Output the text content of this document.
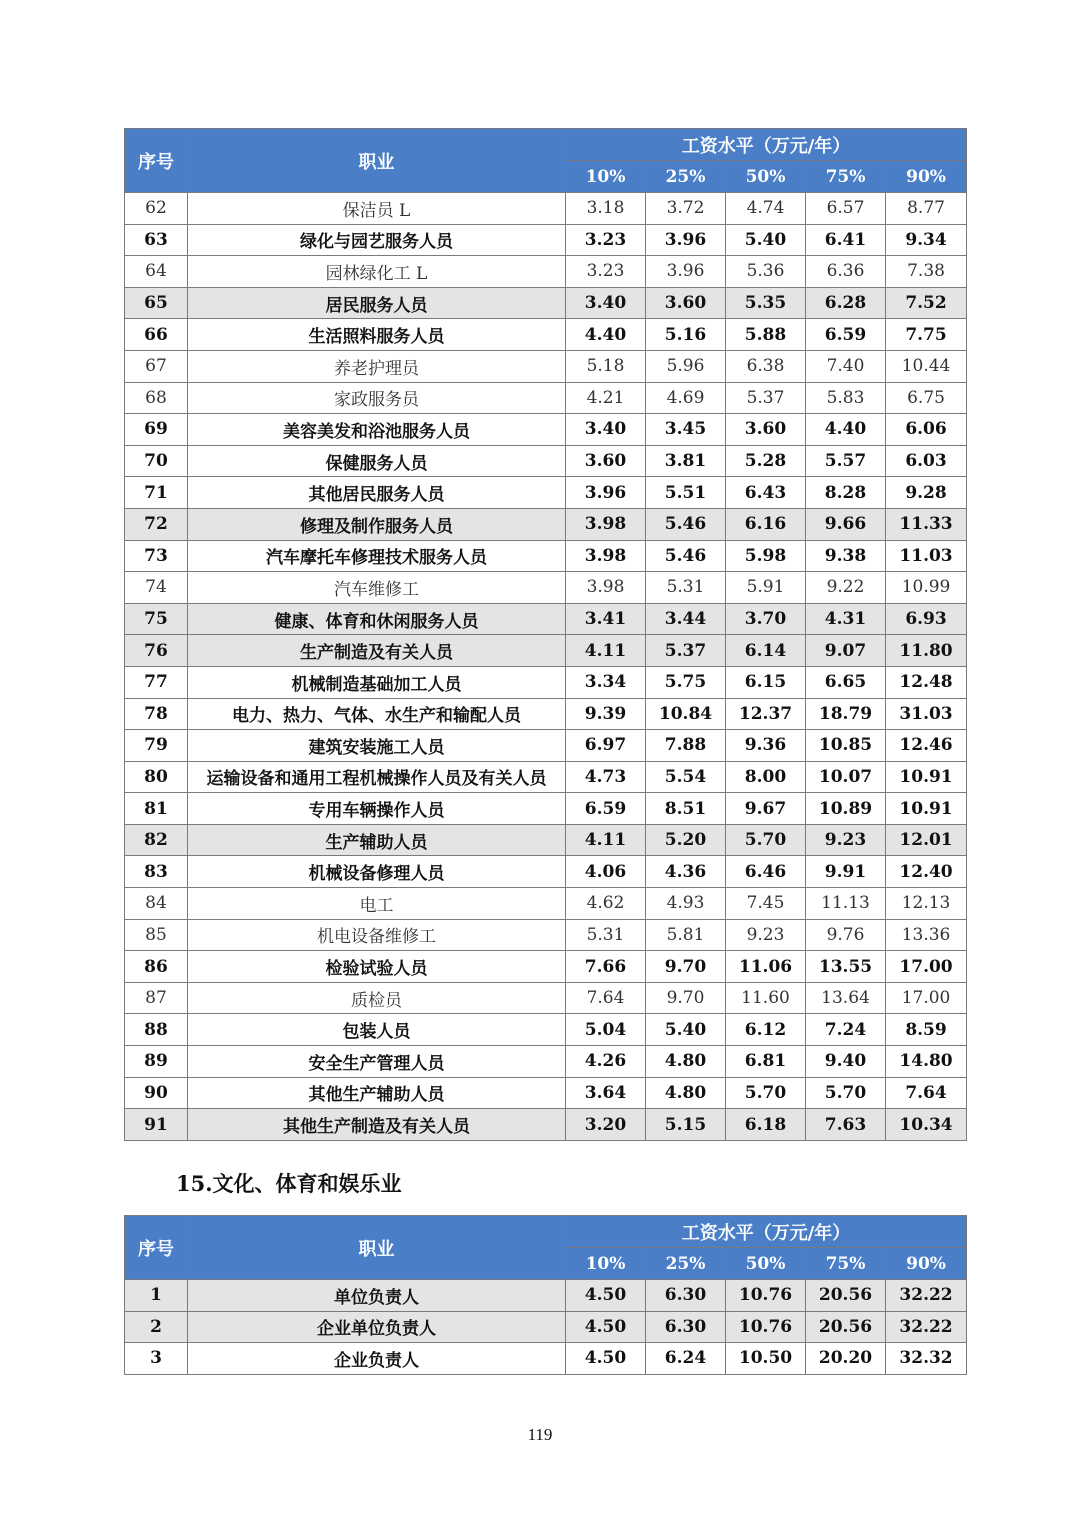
序号	职业	工资水平（万元/年）				
		10%	25%	50%	75%	90%
62	保洁员 L	3.18	3.72	4.74	6.57	8.77
63	绿化与园艺服务人员	3.23	3.96	5.40	6.41	9.34
64	园林绿化工 L	3.23	3.96	5.36	6.36	7.38
65	居民服务人员	3.40	3.60	5.35	6.28	7.52
66	生活照料服务人员	4.40	5.16	5.88	6.59	7.75
67	养老护理员	5.18	5.96	6.38	7.40	10.44
68	家政服务员	4.21	4.69	5.37	5.83	6.75
69	美容美发和浴池服务人员	3.40	3.45	3.60	4.40	6.06
70	保健服务人员	3.60	3.81	5.28	5.57	6.03
71	其他居民服务人员	3.96	5.51	6.43	8.28	9.28
72	修理及制作服务人员	3.98	5.46	6.16	9.66	11.33
73	汽车摩托车修理技术服务人员	3.98	5.46	5.98	9.38	11.03
74	汽车维修工	3.98	5.31	5.91	9.22	10.99
75	健康、体育和休闲服务人员	3.41	3.44	3.70	4.31	6.93
76	生产制造及有关人员	4.11	5.37	6.14	9.07	11.80
77	机械制造基础加工人员	3.34	5.75	6.15	6.65	12.48
78	电力、热力、气体、水生产和输配人员	9.39	10.84	12.37	18.79	31.03
79	建筑安装施工人员	6.97	7.88	9.36	10.85	12.46
80	运输设备和通用工程机械操作人员及有关人员	4.73	5.54	8.00	10.07	10.91
81	专用车辆操作人员	6.59	8.51	9.67	10.89	10.91
82	生产辅助人员	4.11	5.20	5.70	9.23	12.01
83	机械设备修理人员	4.06	4.36	6.46	9.91	12.40
84	电工	4.62	4.93	7.45	11.13	12.13
85	机电设备维修工	5.31	5.81	9.23	9.76	13.36
86	检验试验人员	7.66	9.70	11.06	13.55	17.00
87	质检员	7.64	9.70	11.60	13.64	17.00
88	包装人员	5.04	5.40	6.12	7.24	8.59
89	安全生产管理人员	4.26	4.80	6.81	9.40	14.80
90	其他生产辅助人员	3.64	4.80	5.70	5.70	7.64
91	其他生产制造及有关人员	3.20	5.15	6.18	7.63	10.34
15.文化、体育和娱乐业
序号	职业	工资水平（万元/年）				
		10%	25%	50%	75%	90%
1	单位负责人	4.50	6.30	10.76	20.56	32.22
2	企业单位负责人	4.50	6.30	10.76	20.56	32.22
3	企业负责人	4.50	6.24	10.50	20.20	32.32
119
